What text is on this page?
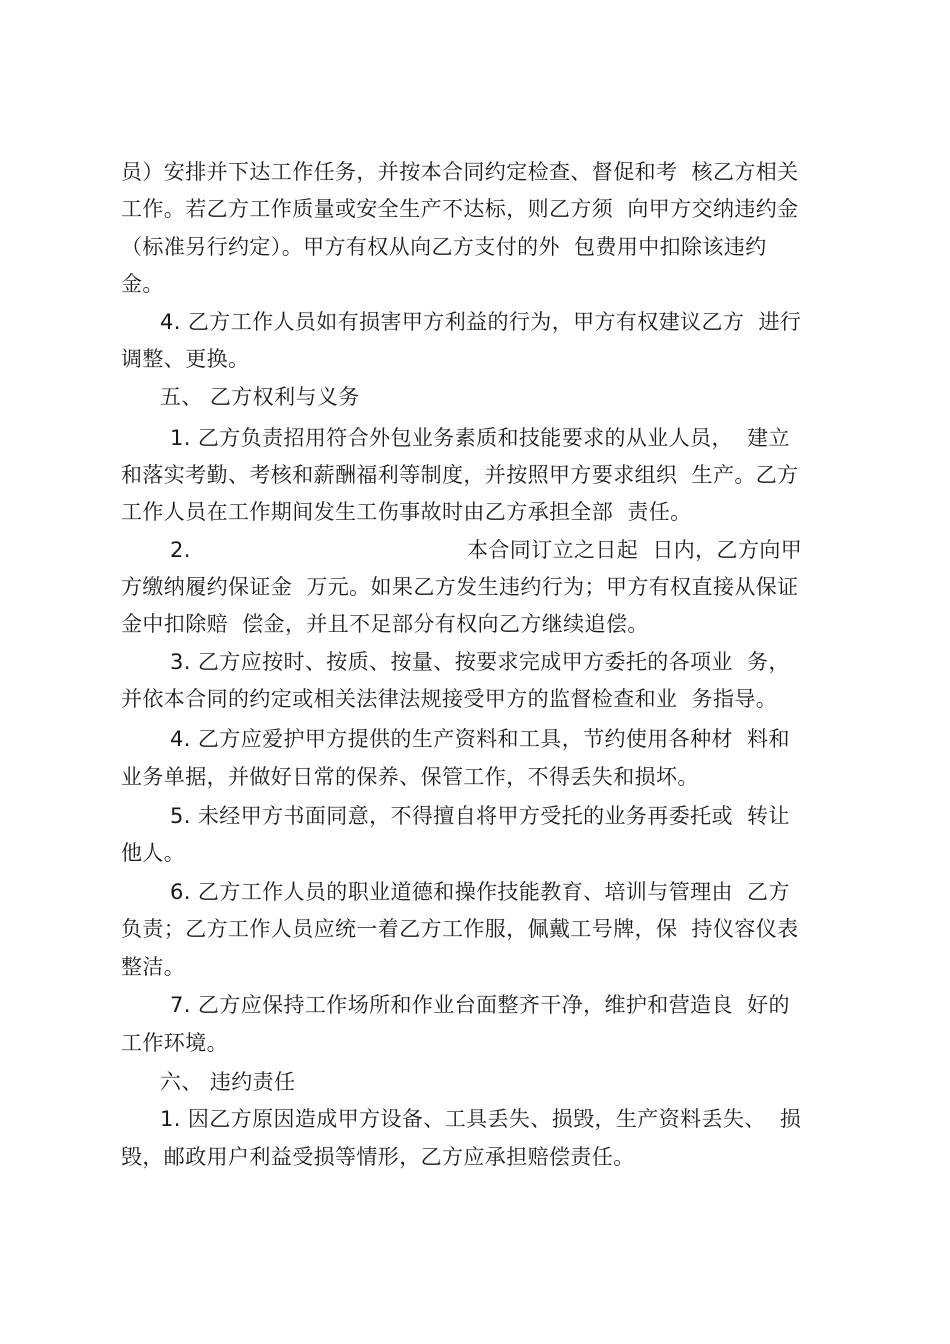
员）安排并下达工作任务，并按本合同约定检查、督促和考  核乙方相关
工作。若乙方工作质量或安全生产不达标，则乙方须  向甲方交纳违约金
（标准另行约定）。甲方有权从向乙方支付的外  包费用中扣除该违约
金。
4. 乙方工作人员如有损害甲方利益的行为，甲方有权建议乙方  进行
调整、更换。
五、 乙方权利与义务
1. 乙方负责招用符合外包业务素质和技能要求的从业人员，  建立
和落实考勤、考核和薪酬福利等制度，并按照甲方要求组织  生产。乙方
工作人员在工作期间发生工伤事故时由乙方承担全部  责任。
2.	本合同订立之日起  日内，乙方向甲
方缴纳履约保证金  万元。如果乙方发生违约行为；甲方有权直接从保证
金中扣除赔  偿金，并且不足部分有权向乙方继续追偿。
3. 乙方应按时、按质、按量、按要求完成甲方委托的各项业  务，
并依本合同的约定或相关法律法规接受甲方的监督检查和业  务指导。
4. 乙方应爱护甲方提供的生产资料和工具，节约使用各种材  料和
业务单据，并做好日常的保养、保管工作，不得丢失和损坏。
5. 未经甲方书面同意，不得擅自将甲方受托的业务再委托或  转让
他人。
6. 乙方工作人员的职业道德和操作技能教育、培训与管理由  乙方
负责；乙方工作人员应统一着乙方工作服，佩戴工号牌，保  持仪容仪表
整洁。
7. 乙方应保持工作场所和作业台面整齐干净，维护和营造良  好的
工作环境。
六、 违约责任
1. 因乙方原因造成甲方设备、工具丢失、损毁，生产资料丢失、  损
毁，邮政用户利益受损等情形，乙方应承担赔偿责任。
